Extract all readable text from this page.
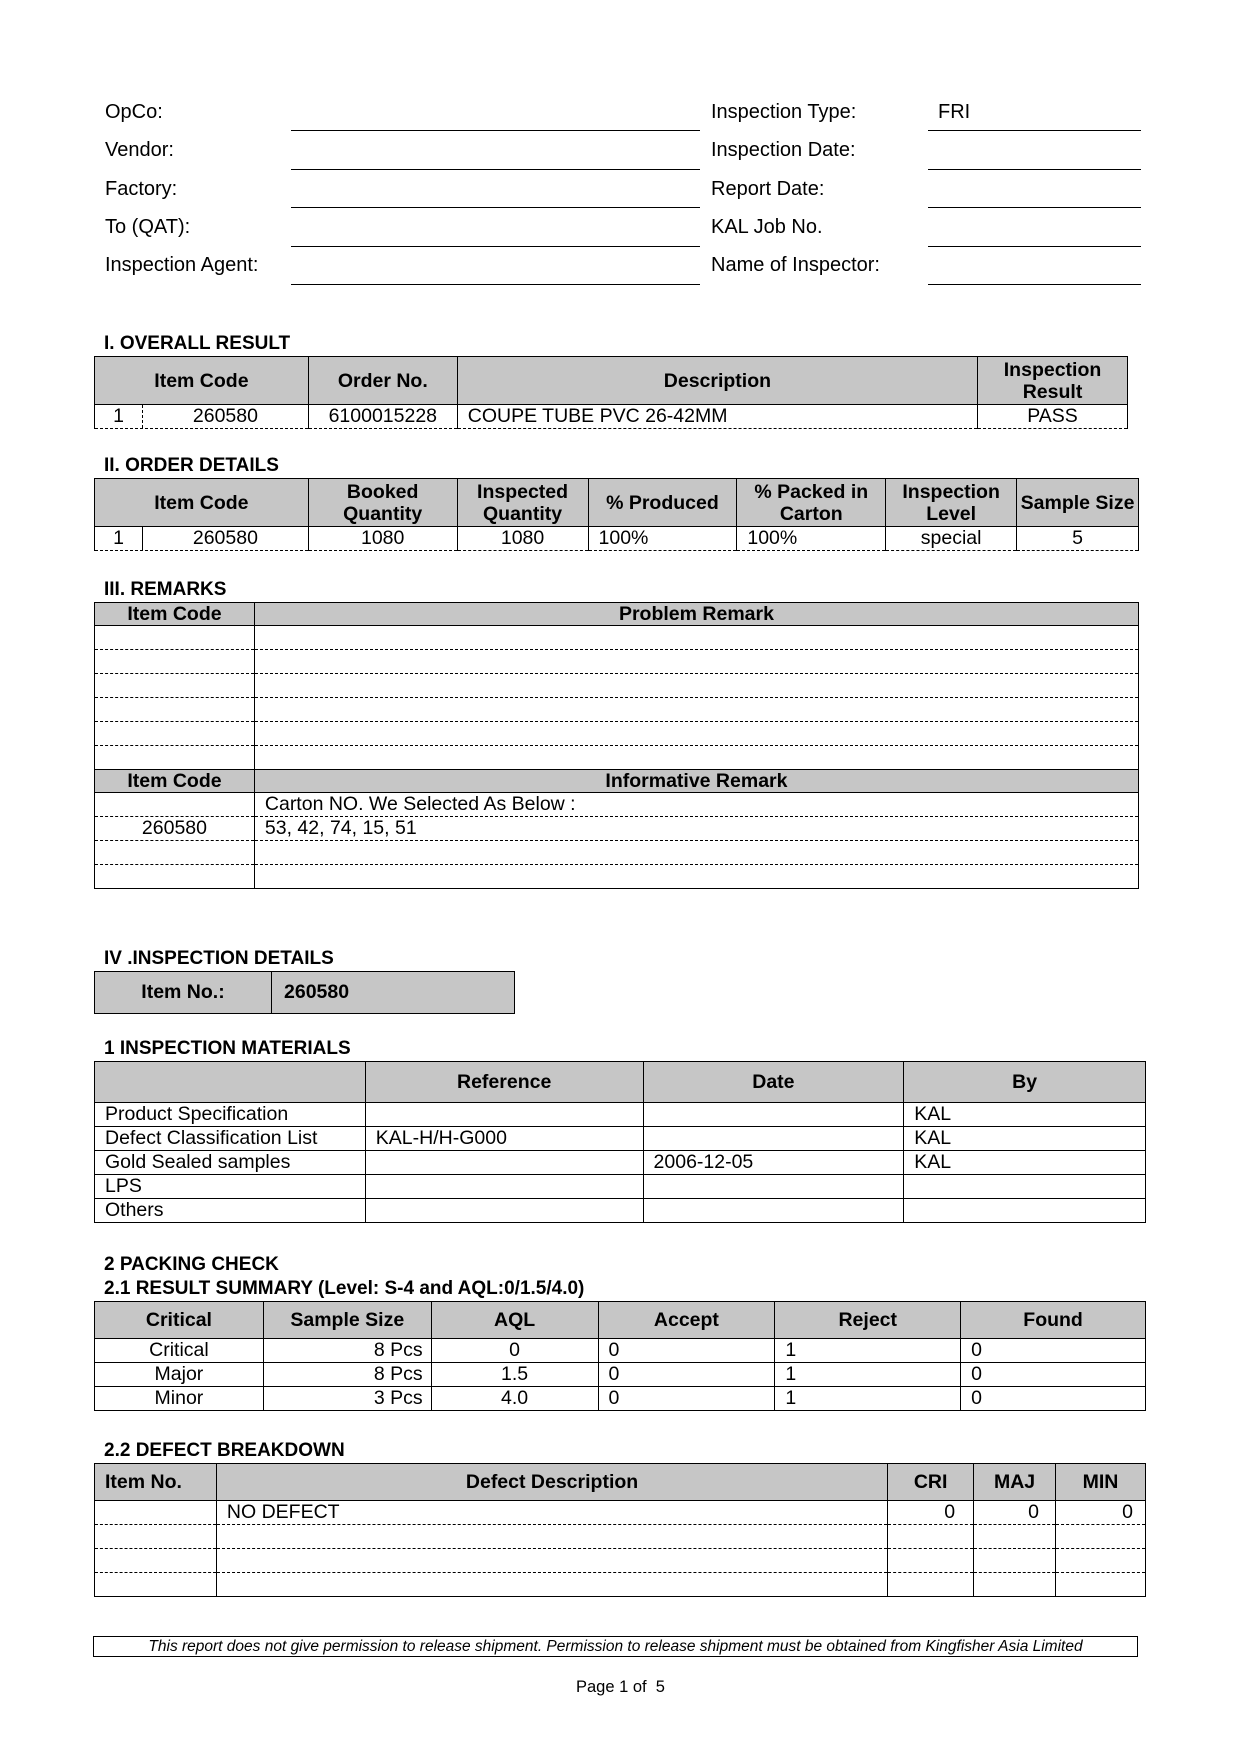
OpCo:
Vendor:
Factory:
To (QAT):
Inspection Agent:
Inspection Type:	FRI
Inspection Date:
Report Date:
KAL Job No.
Name of Inspector:
I. OVERALL RESULT
Item Code	Order No.	Description	Inspection Result

1 260580	6100015228	COUPE TUBE PVC 26-42MM	PASS
II. ORDER DETAILS
Item Code	Booked Quantity	Inspected Quantity	% Produced	% Packed in Carton	Inspection Level	Sample Size

1 260580	1080	1080	100%	100%	special	5
III. REMARKS
Item Code	Problem Remark

Item Code	Informative Remark
	Carton NO. We Selected As Below :
260580	53, 42, 74, 15, 51

IV .INSPECTION DETAILS
Item No.:	260580
1 INSPECTION MATERIALS
	Reference	Date	By
Product Specification			KAL
Defect Classification List	KAL-H/H-G000		KAL
Gold Sealed samples		2006-12-05	KAL
LPS			
Others			
2 PACKING CHECK
2.1 RESULT SUMMARY (Level: S-4 and AQL:0/1.5/4.0)
Critical	Sample Size	AQL	Accept	Reject	Found
Critical	8 Pcs	0	0	1	0
Major	8 Pcs	1.5	0	1	0
Minor	3 Pcs	4.0	0	1	0
2.2 DEFECT BREAKDOWN
Item No.	Defect Description	CRI	MAJ	MIN
	NO DEFECT	0	0	0

This report does not give permission to release shipment. Permission to release shipment must be obtained from Kingfisher Asia Limited
Page 1 of  5
